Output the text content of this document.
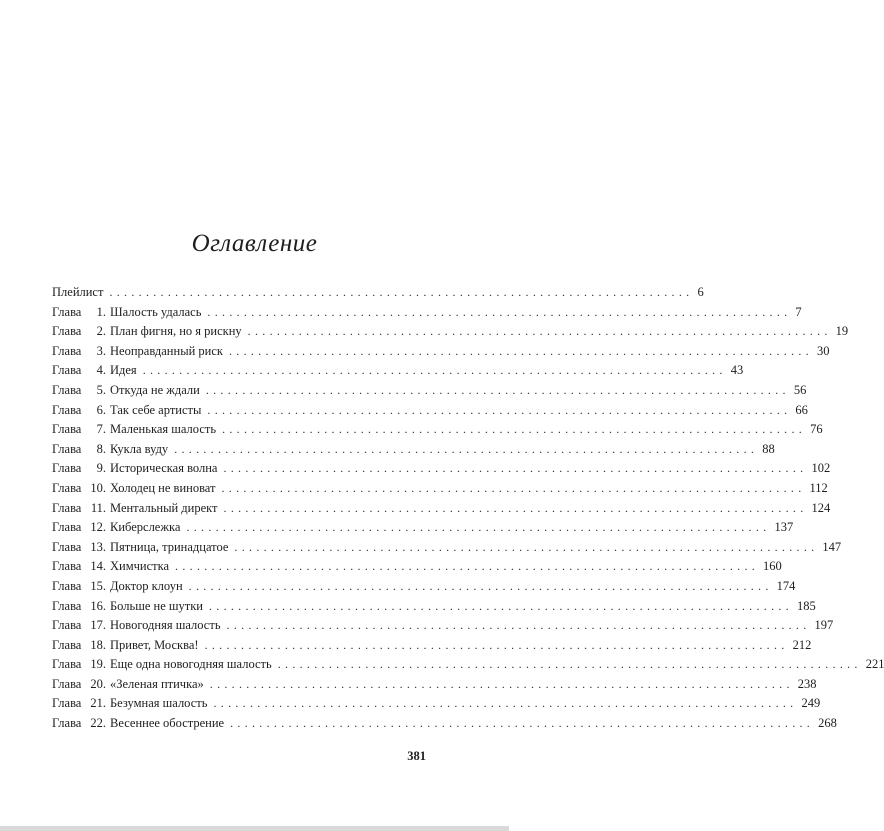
Оглавление
Плейлист ................................................................................ 6
Глава 1. Шалость удалась ................................................................................ 7
Глава 2. План фигня, но я рискну ................................................................................ 19
Глава 3. Неоправданный риск ................................................................................ 30
Глава 4. Идея ................................................................................ 43
Глава 5. Откуда не ждали ................................................................................ 56
Глава 6. Так себе артисты ................................................................................ 66
Глава 7. Маленькая шалость ................................................................................ 76
Глава 8. Кукла вуду ................................................................................ 88
Глава 9. Историческая волна ................................................................................ 102
Глава 10. Холодец не виноват ................................................................................ 112
Глава 11. Ментальный директ ................................................................................ 124
Глава 12. Киберслежка ................................................................................ 137
Глава 13. Пятница, тринадцатое ................................................................................ 147
Глава 14. Химчистка ................................................................................ 160
Глава 15. Доктор клоун ................................................................................ 174
Глава 16. Больше не шутки ................................................................................ 185
Глава 17. Новогодняя шалость ................................................................................ 197
Глава 18. Привет, Москва! ................................................................................ 212
Глава 19. Еще одна новогодняя шалость ................................................................................ 221
Глава 20. «Зеленая птичка» ................................................................................ 238
Глава 21. Безумная шалость ................................................................................ 249
Глава 22. Весеннее обострение ................................................................................ 268
381
